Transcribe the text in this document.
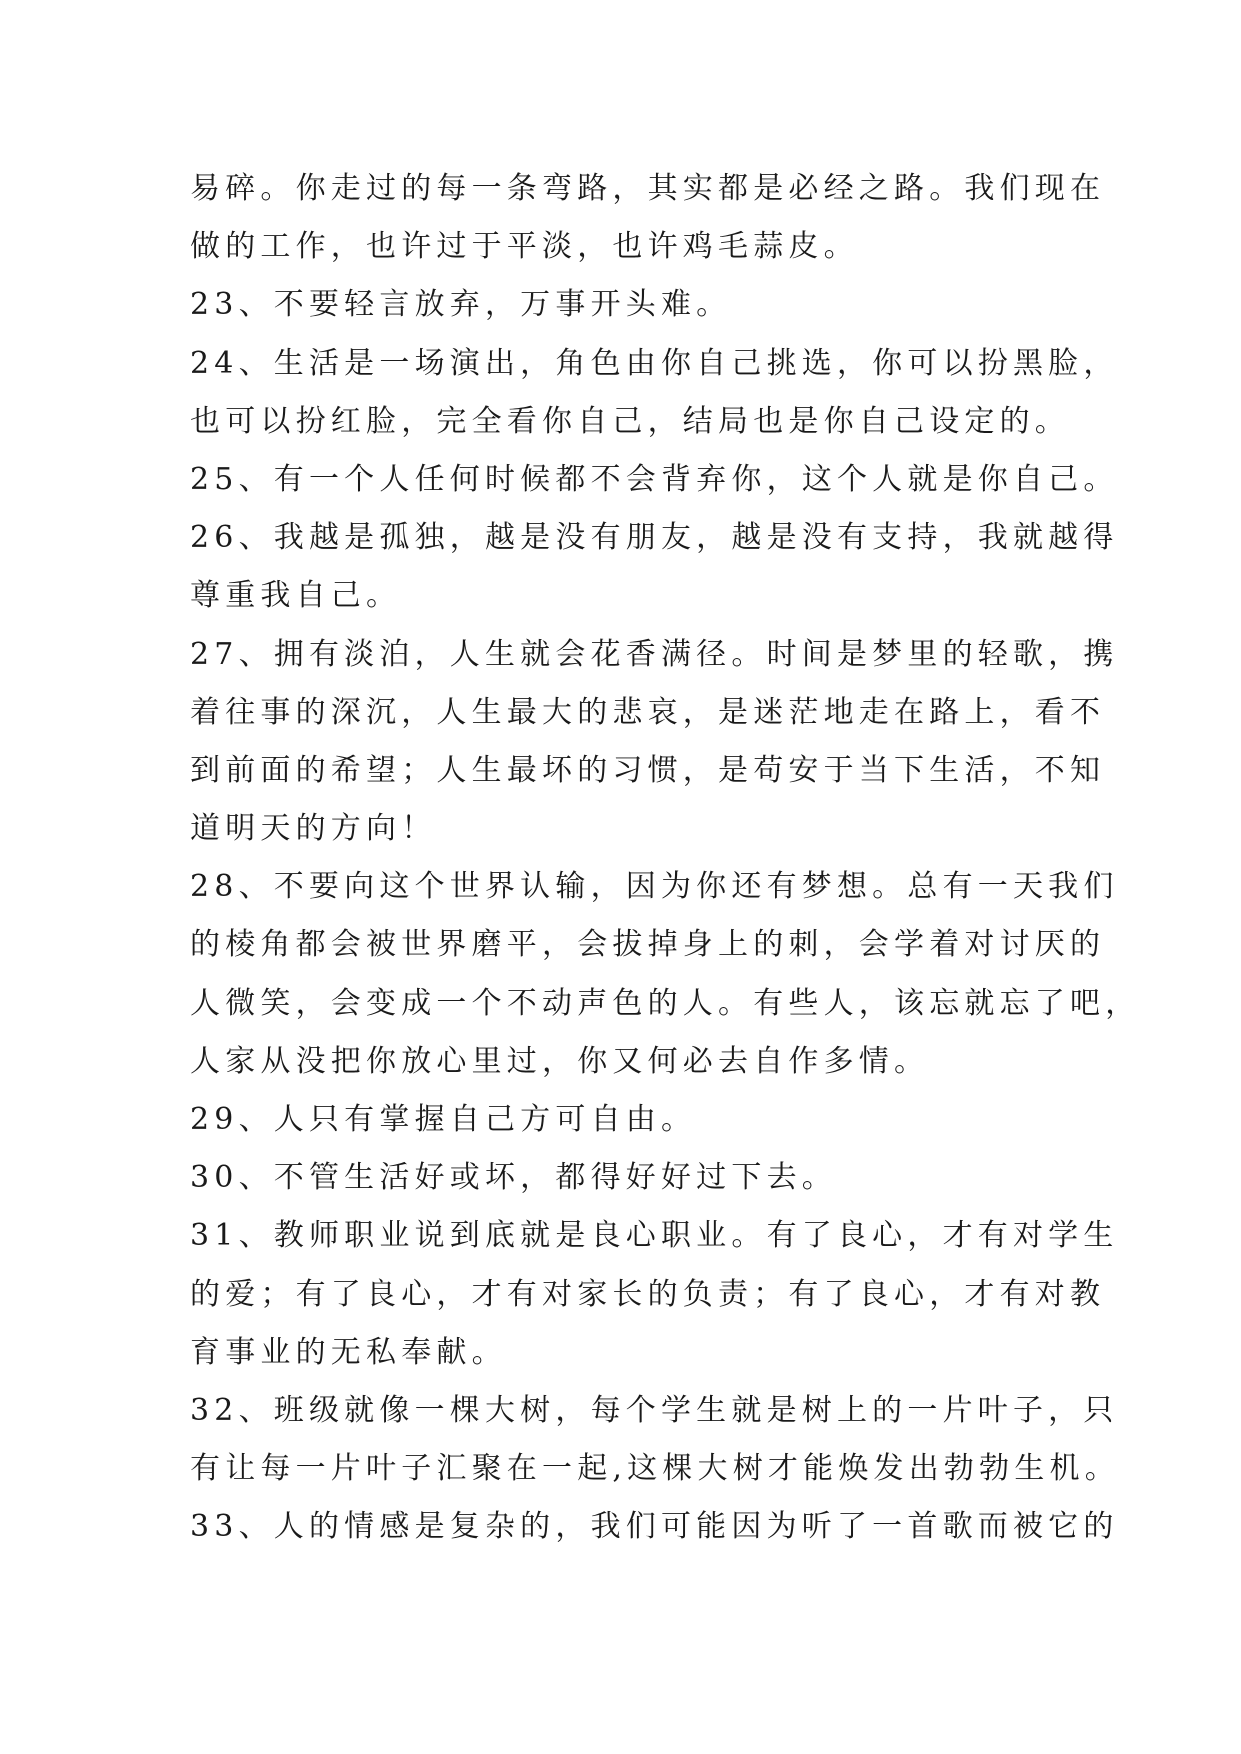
易碎。你走过的每一条弯路，其实都是必经之路。我们现在
做的工作，也许过于平淡，也许鸡毛蒜皮。
23、不要轻言放弃，万事开头难。
24、生活是一场演出，角色由你自己挑选，你可以扮黑脸，
也可以扮红脸，完全看你自己，结局也是你自己设定的。
25、有一个人任何时候都不会背弃你，这个人就是你自己。
26、我越是孤独，越是没有朋友，越是没有支持，我就越得
尊重我自己。
27、拥有淡泊，人生就会花香满径。时间是梦里的轻歌，携
着往事的深沉，人生最大的悲哀，是迷茫地走在路上，看不
到前面的希望；人生最坏的习惯，是苟安于当下生活，不知
道明天的方向！
28、不要向这个世界认输，因为你还有梦想。总有一天我们
的棱角都会被世界磨平，会拔掉身上的刺，会学着对讨厌的
人微笑，会变成一个不动声色的人。有些人，该忘就忘了吧，
人家从没把你放心里过，你又何必去自作多情。
29、人只有掌握自己方可自由。
30、不管生活好或坏，都得好好过下去。
31、教师职业说到底就是良心职业。有了良心，才有对学生
的爱；有了良心，才有对家长的负责；有了良心，才有对教
育事业的无私奉献。
32、班级就像一棵大树，每个学生就是树上的一片叶子，只
有让每一片叶子汇聚在一起,这棵大树才能焕发出勃勃生机。
33、人的情感是复杂的，我们可能因为听了一首歌而被它的
